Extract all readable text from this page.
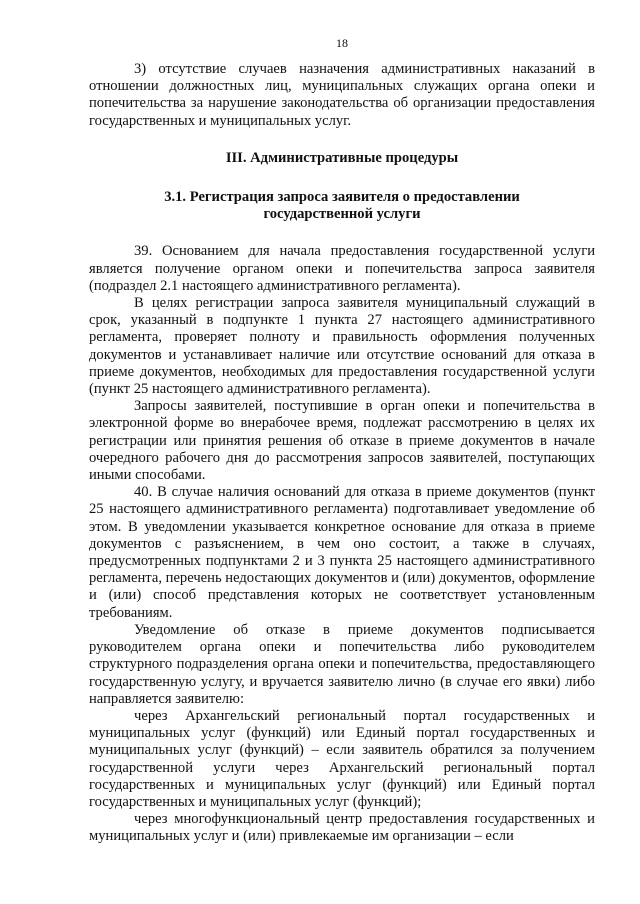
18

3) отсутствие случаев назначения административных наказаний в отношении должностных лиц, муниципальных служащих органа опеки и попечительства за нарушение законодательства об организации предоставления государственных и муниципальных услуг.

III. Административные процедуры
3.1. Регистрация запроса заявителя о предоставлении
государственной услуги

39. Основанием для начала предоставления государственной услуги является получение органом опеки и попечительства запроса заявителя (подраздел 2.1 настоящего административного регламента).

В целях регистрации запроса заявителя муниципальный служащий в срок, указанный в подпункте 1 пункта 27 настоящего административного регламента, проверяет полноту и правильность оформления полученных документов и устанавливает наличие или отсутствие оснований для отказа в приеме документов, необходимых для предоставления государственной услуги (пункт 25 настоящего административного регламента).

Запросы заявителей, поступившие в орган опеки и попечительства в электронной форме во внерабочее время, подлежат рассмотрению в целях их регистрации или принятия решения об отказе в приеме документов в начале очередного рабочего дня до рассмотрения запросов заявителей, поступающих иными способами.

40. В случае наличия оснований для отказа в приеме документов (пункт 25 настоящего административного регламента) подготавливает уведомление об этом. В уведомлении указывается конкретное основание для отказа в приеме документов с разъяснением, в чем оно состоит, а также в случаях, предусмотренных подпунктами 2 и 3 пункта 25 настоящего административного регламента, перечень недостающих документов и (или) документов, оформление и (или) способ представления которых не соответствует установленным требованиям.

Уведомление об отказе в приеме документов подписывается руководителем органа опеки и попечительства либо руководителем структурного подразделения органа опеки и попечительства, предоставляющего государственную услугу, и вручается заявителю лично (в случае его явки) либо направляется заявителю:

через Архангельский региональный портал государственных и муниципальных услуг (функций) или Единый портал государственных и муниципальных услуг (функций) – если заявитель обратился за получением государственной услуги через Архангельский региональный портал государственных и муниципальных услуг (функций) или Единый портал государственных и муниципальных услуг (функций);

через многофункциональный центр предоставления государственных и муниципальных услуг и (или) привлекаемые им организации – если
